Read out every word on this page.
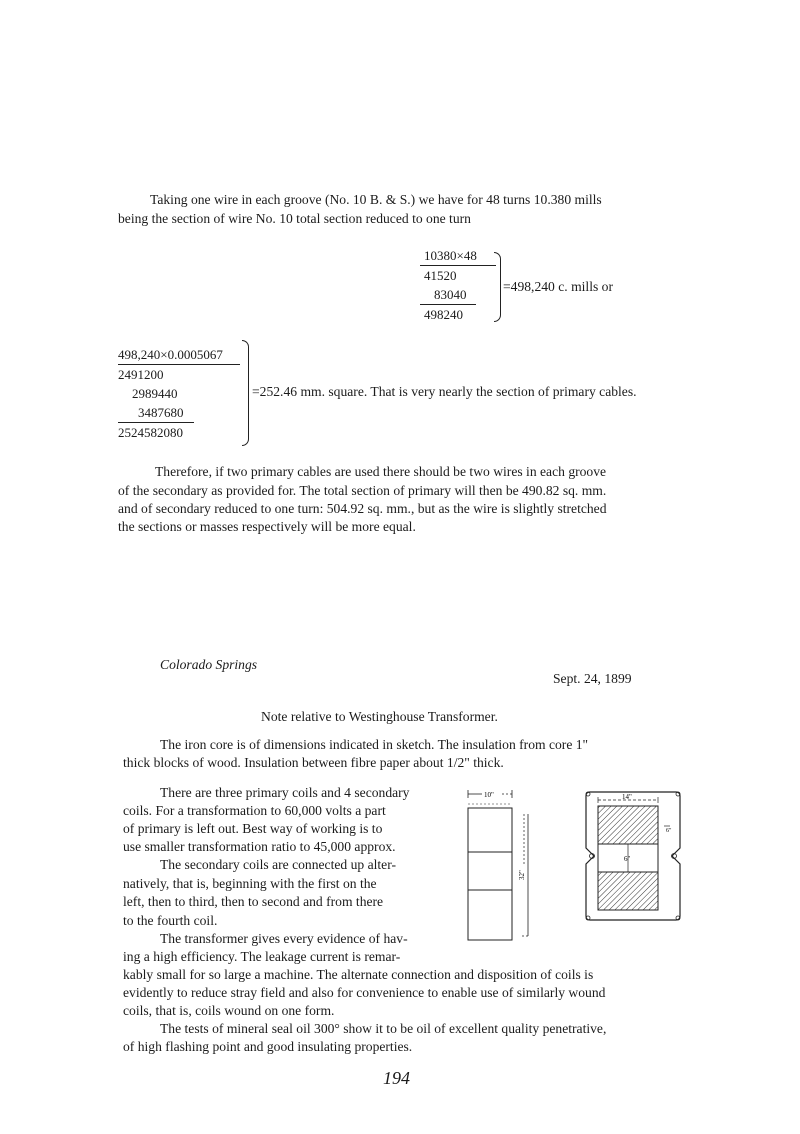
Taking one wire in each groove (No. 10 B. & S.) we have for 48 turns 10.380 mills
being the section of wire No. 10 total section reduced to one turn
10380×48
41520
83040
498240
=498,240 c. mills or
498,240×0.0005067
2491200
2989440
3487680
2524582080
=252.46 mm. square. That is very nearly the section of primary cables.
Therefore, if two primary cables are used there should be two wires in each groove
of the secondary as provided for. The total section of primary will then be 490.82 sq. mm.
and of secondary reduced to one turn: 504.92 sq. mm., but as the wire is slightly stretched
the sections or masses respectively will be more equal.
Colorado Springs
Sept. 24, 1899
Note relative to Westinghouse Transformer.
The iron core is of dimensions indicated in sketch. The insulation from core 1"
thick blocks of wood. Insulation between fibre paper about 1/2" thick.
There are three primary coils and 4 secondary
coils. For a transformation to 60,000 volts a part
of primary is left out. Best way of working is to
use smaller transformation ratio to 45,000 approx.
The secondary coils are connected up alter-
natively, that is, beginning with the first on the
left, then to third, then to second and from there
to the fourth coil.
The transformer gives every evidence of hav-
ing a high efficiency. The leakage current is remar-
kably small for so large a machine. The alternate connection and disposition of coils is
evidently to reduce stray field and also for convenience to enable use of similarly wound
coils, that is, coils wound on one form.
The tests of mineral seal oil 300° show it to be oil of excellent quality penetrative,
of high flashing point and good insulating properties.
10"
32"
14"
6"
6"
194
